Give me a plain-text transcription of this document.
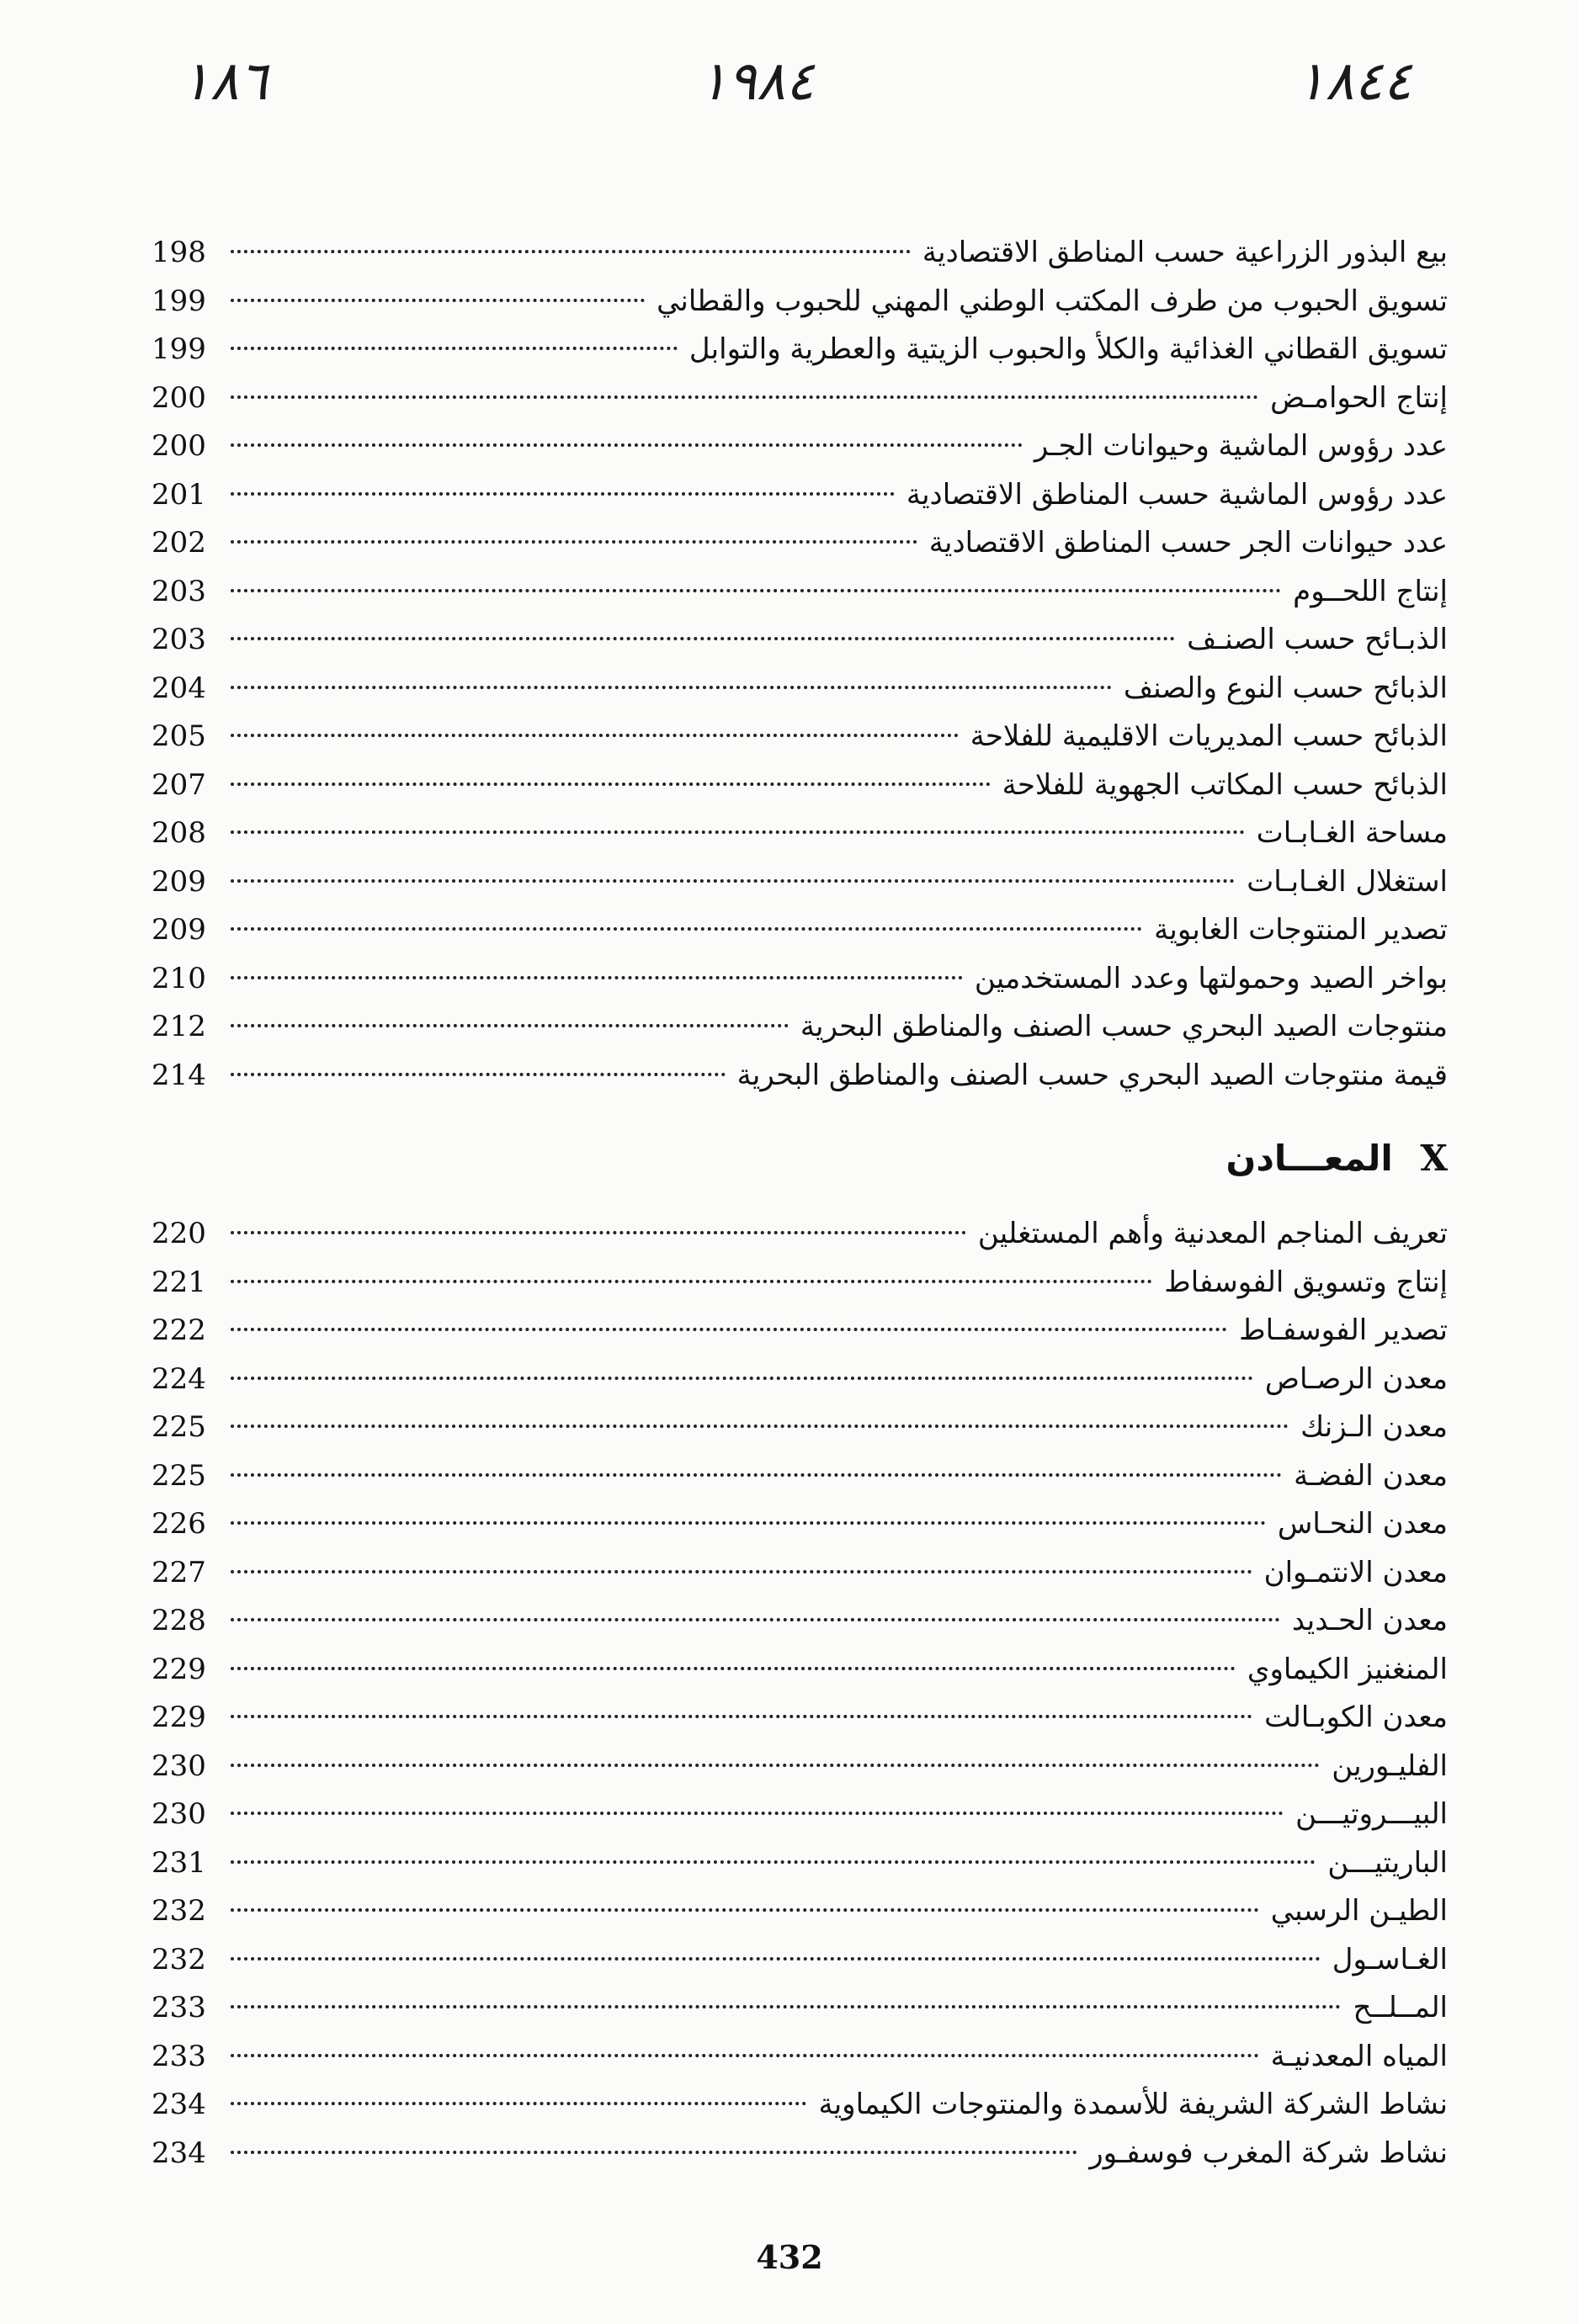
١٨٦	١٩٨٤	١٨٤٤
بيع البذور الزراعية حسب المناطق الاقتصادية
198
تسويق الحبوب من طرف المكتب الوطني المهني للحبوب والقطاني
199
تسويق القطاني الغذائية والكلأ والحبوب الزيتية والعطرية والتوابل
199
إنتاج الحوامـض
200
عدد رؤوس الماشية وحيوانات الجـر
200
عدد رؤوس الماشية حسب المناطق الاقتصادية
201
عدد حيوانات الجر حسب المناطق الاقتصادية
202
إنتاج اللحــوم
203
الذبـائح حسب الصنـف
203
الذبائح حسب النوع والصنف
204
الذبائح حسب المديريات الاقليمية للفلاحة
205
الذبائح حسب المكاتب الجهوية للفلاحة
207
مساحة الغـابـات
208
استغلال الغـابـات
209
تصدير المنتوجات الغابوية
209
بواخر الصيد وحمولتها وعدد المستخدمين
210
منتوجات الصيد البحري حسب الصنف والمناطق البحرية
212
قيمة منتوجات الصيد البحري حسب الصنف والمناطق البحرية
214
X المعـــادن
تعريف المناجم المعدنية وأهم المستغلين
220
إنتاج وتسويق الفوسفاط
221
تصدير الفوسفـاط
222
معدن الرصـاص
224
معدن الـزنك
225
معدن الفضـة
225
معدن النحـاس
226
معدن الانتمـوان
227
معدن الحـديد
228
المنغنيز الكيماوي
229
معدن الكوبـالت
229
الفليـورين
230
البيـــروتيـــن
230
الباريتيـــن
231
الطيـن الرسبي
232
الغـاسـول
232
المــلــح
233
المياه المعدنيـة
233
نشاط الشركة الشريفة للأسمدة والمنتوجات الكيماوية
234
نشاط شركة المغرب فوسفـور
234
432
